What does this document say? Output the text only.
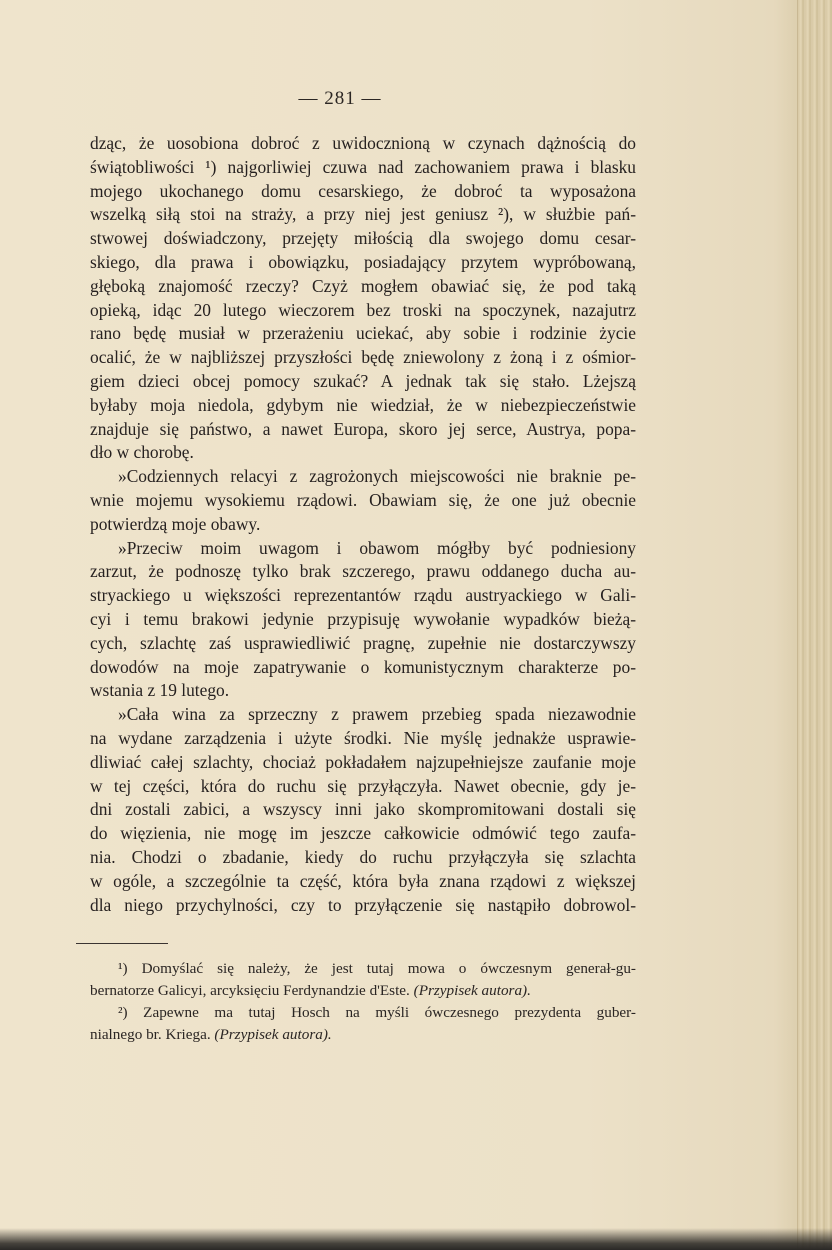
— 281 —
dząc, że uosobiona dobroć z uwidocznioną w czynach dążnością do
świątobliwości ¹) najgorliwiej czuwa nad zachowaniem prawa i blasku
mojego ukochanego domu cesarskiego, że dobroć ta wyposażona
wszelką siłą stoi na straży, a przy niej jest geniusz ²), w służbie pań-
stwowej doświadczony, przejęty miłością dla swojego domu cesar-
skiego, dla prawa i obowiązku, posiadający przytem wypróbowaną,
głęboką znajomość rzeczy? Czyż mogłem obawiać się, że pod taką
opieką, idąc 20 lutego wieczorem bez troski na spoczynek, nazajutrz
rano będę musiał w przerażeniu uciekać, aby sobie i rodzinie życie
ocalić, że w najbliższej przyszłości będę zniewolony z żoną i z ośmior-
giem dzieci obcej pomocy szukać? A jednak tak się stało. Lżejszą
byłaby moja niedola, gdybym nie wiedział, że w niebezpieczeństwie
znajduje się państwo, a nawet Europa, skoro jej serce, Austrya, popa-
dło w chorobę.
»Codziennych relacyi z zagrożonych miejscowości nie braknie pe-
wnie mojemu wysokiemu rządowi. Obawiam się, że one już obecnie
potwierdzą moje obawy.
»Przeciw moim uwagom i obawom mógłby być podniesiony
zarzut, że podnoszę tylko brak szczerego, prawu oddanego ducha au-
stryackiego u większości reprezentantów rządu austryackiego w Gali-
cyi i temu brakowi jedynie przypisuję wywołanie wypadków bieżą-
cych, szlachtę zaś usprawiedliwić pragnę, zupełnie nie dostarczywszy
dowodów na moje zapatrywanie o komunistycznym charakterze po-
wstania z 19 lutego.
»Cała wina za sprzeczny z prawem przebieg spada niezawodnie
na wydane zarządzenia i użyte środki. Nie myślę jednakże usprawie-
dliwiać całej szlachty, chociaż pokładałem najzupełniejsze zaufanie moje
w tej części, która do ruchu się przyłączyła. Nawet obecnie, gdy je-
dni zostali zabici, a wszyscy inni jako skompromitowani dostali się
do więzienia, nie mogę im jeszcze całkowicie odmówić tego zaufa-
nia. Chodzi o zbadanie, kiedy do ruchu przyłączyła się szlachta
w ogóle, a szczególnie ta część, która była znana rządowi z większej
dla niego przychylności, czy to przyłączenie się nastąpiło dobrowol-
¹) Domyślać się należy, że jest tutaj mowa o ówczesnym generał-gu-
bernatorze Galicyi, arcyksięciu Ferdynandzie d'Este. (Przypisek autora).
²) Zapewne ma tutaj Hosch na myśli ówczesnego prezydenta guber-
nialnego br. Kriega. (Przypisek autora).
